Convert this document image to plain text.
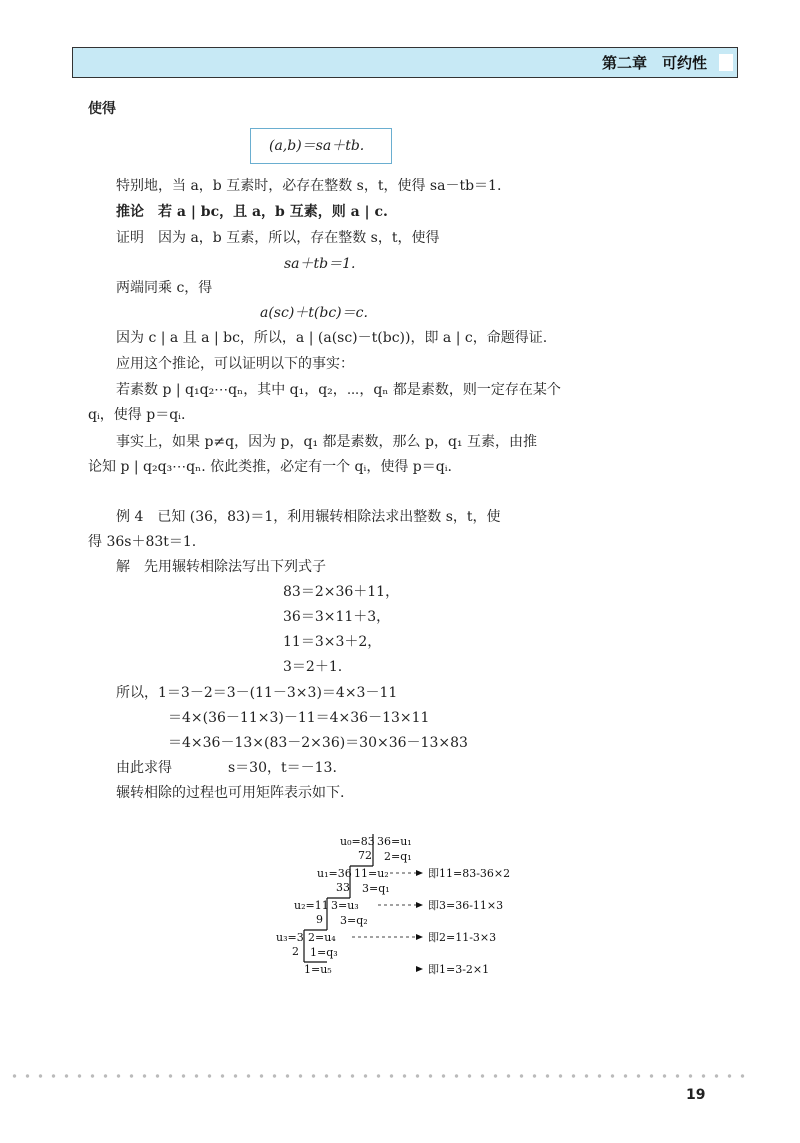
第二章　可约性
使得
(a,b)＝sa＋tb.
特别地，当 a，b 互素时，必存在整数 s，t，使得 sa－tb＝1.
推论　若 a | bc，且 a，b 互素，则 a | c.
证明　因为 a，b 互素，所以，存在整数 s，t，使得
sa＋tb＝1.
两端同乘 c，得
a(sc)＋t(bc)＝c.
因为 c | a 且 a | bc，所以，a | (a(sc)－t(bc))，即 a | c，命题得证.
应用这个推论，可以证明以下的事实：
若素数 p | q₁q₂⋯qₙ，其中 q₁，q₂，⋯，qₙ 都是素数，则一定存在某个
qᵢ，使得 p＝qᵢ.
事实上，如果 p≠q，因为 p，q₁ 都是素数，那么 p，q₁ 互素，由推
论知 p | q₂q₃⋯qₙ. 依此类推，必定有一个 qᵢ，使得 p＝qᵢ.
例 4　已知 (36，83)＝1，利用辗转相除法求出整数 s，t，使
得 36s＋83t＝1.
解　先用辗转相除法写出下列式子
83＝2×36＋11，
36＝3×11＋3，
11＝3×3＋2，
3＝2＋1.
所以，1＝3－2＝3－(11－3×3)＝4×3－11
＝4×(36－11×3)－11＝4×36－13×11
＝4×36－13×(83－2×36)＝30×36－13×83
由此求得　　　　s＝30，t＝－13.
辗转相除的过程也可用矩阵表示如下.
u₀=83 36=u₁
72 2=q₁
u₁=36 11=u₂	即11=83-36×2
33 3=q₁
u₂=11 3=u₃	即3=36-11×3
9 3=q₂
u₃=3 2=u₄	即2=11-3×3
2 1=q₃
1=u₅	即1=3-2×1
19
